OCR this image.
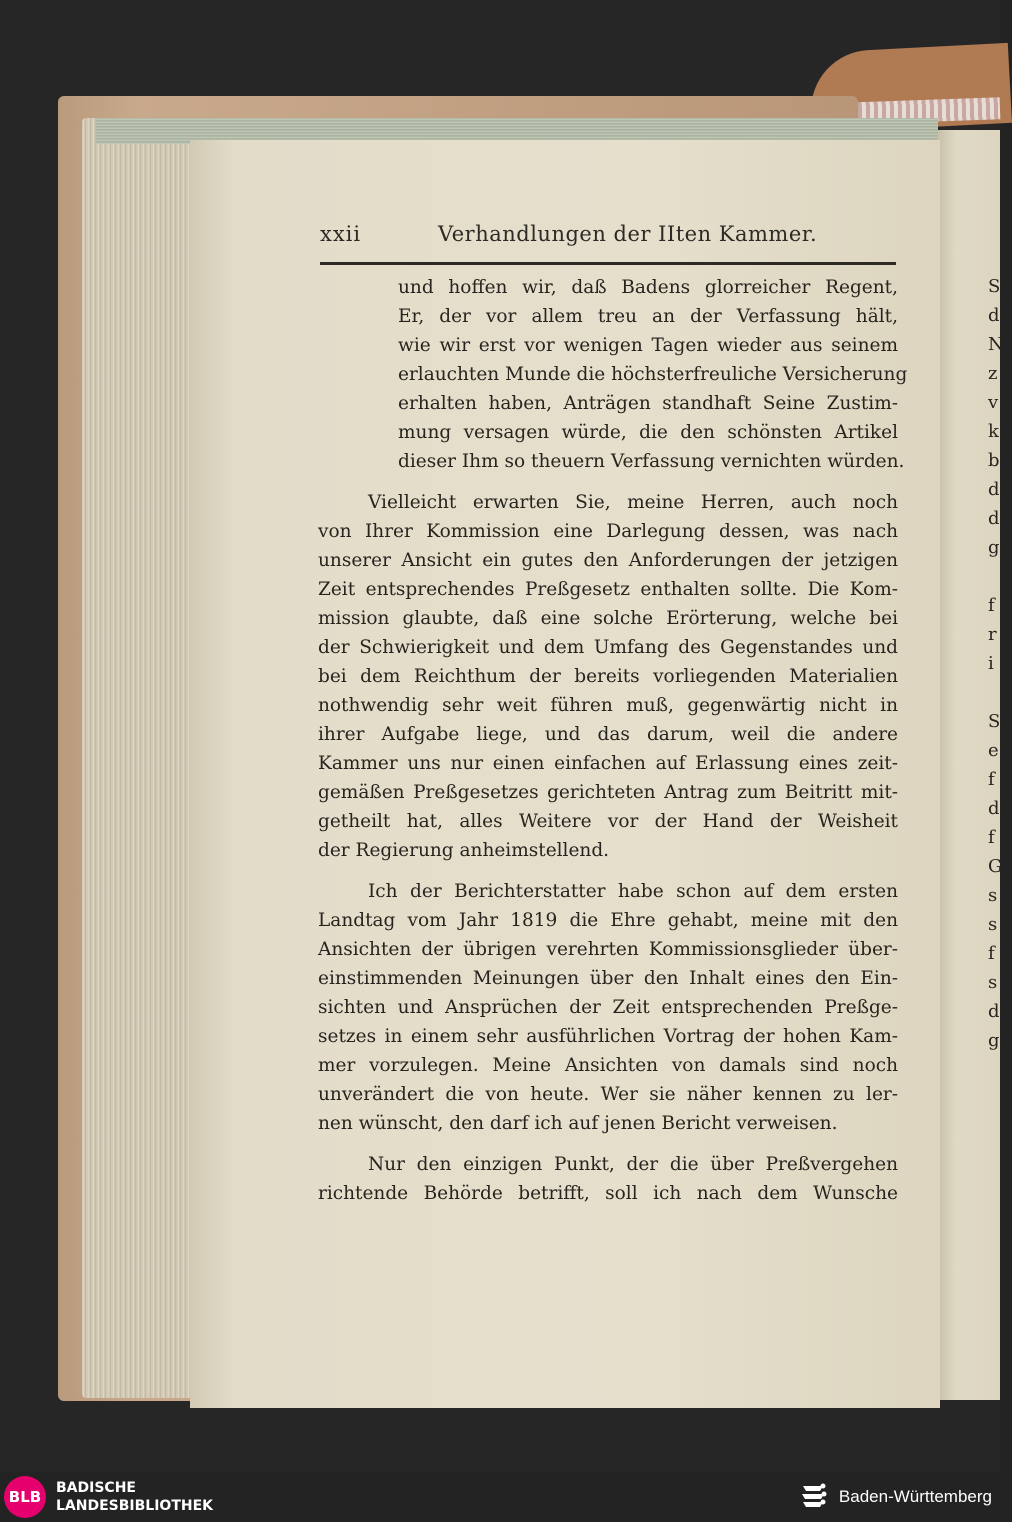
xxii	Verhandlungen der IIten Kammer.
und hoffen wir, daß Badens glorreicher Regent,
Er, der vor allem treu an der Verfassung hält,
wie wir erst vor wenigen Tagen wieder aus seinem
erlauchten Munde die höchsterfreuliche Versicherung
erhalten haben, Anträgen standhaft Seine Zustim-
mung versagen würde, die den schönsten Artikel
dieser Ihm so theuern Verfassung vernichten würden.
Vielleicht erwarten Sie, meine Herren, auch noch
von Ihrer Kommission eine Darlegung dessen, was nach
unserer Ansicht ein gutes den Anforderungen der jetzigen
Zeit entsprechendes Preßgesetz enthalten sollte. Die Kom-
mission glaubte, daß eine solche Erörterung, welche bei
der Schwierigkeit und dem Umfang des Gegenstandes und
bei dem Reichthum der bereits vorliegenden Materialien
nothwendig sehr weit führen muß, gegenwärtig nicht in
ihrer Aufgabe liege, und das darum, weil die andere
Kammer uns nur einen einfachen auf Erlassung eines zeit-
gemäßen Preßgesetzes gerichteten Antrag zum Beitritt mit-
getheilt hat, alles Weitere vor der Hand der Weisheit
der Regierung anheimstellend.
Ich der Berichterstatter habe schon auf dem ersten
Landtag vom Jahr 1819 die Ehre gehabt, meine mit den
Ansichten der übrigen verehrten Kommissionsglieder über-
einstimmenden Meinungen über den Inhalt eines den Ein-
sichten und Ansprüchen der Zeit entsprechenden Preßge-
setzes in einem sehr ausführlichen Vortrag der hohen Kam-
mer vorzulegen. Meine Ansichten von damals sind noch
unverändert die von heute. Wer sie näher kennen zu ler-
nen wünscht, den darf ich auf jenen Bericht verweisen.
Nur den einzigen Punkt, der die über Preßvergehen
richtende Behörde betrifft, soll ich nach dem Wunsche
S
d
N
z
v
k
b
d
d
g

f
r
i

S
e
f
d
f
G
s
s
f
s
d
g
BLB	BADISCHE
LANDESBIBLIOTHEK	Baden-Württemberg
